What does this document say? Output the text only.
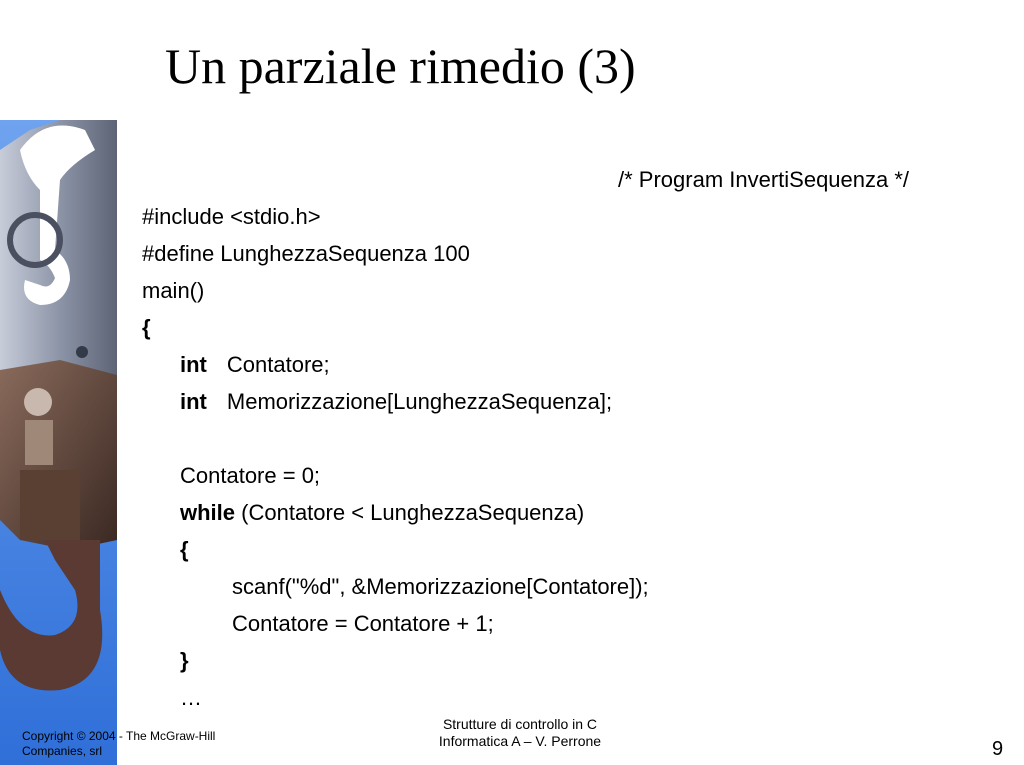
Un parziale rimedio (3)
/* Program InvertiSequenza */
#include <stdio.h>
#define LunghezzaSequenza 100
main()
{
int Contatore;
int Memorizzazione[LunghezzaSequenza];
Contatore = 0;
while (Contatore < LunghezzaSequenza)
{
scanf("%d", &Memorizzazione[Contatore]);
Contatore = Contatore + 1;
}
…
Copyright © 2004 - The McGraw-Hill Companies, srl
Strutture di controllo in C
Informatica A – V. Perrone	9
